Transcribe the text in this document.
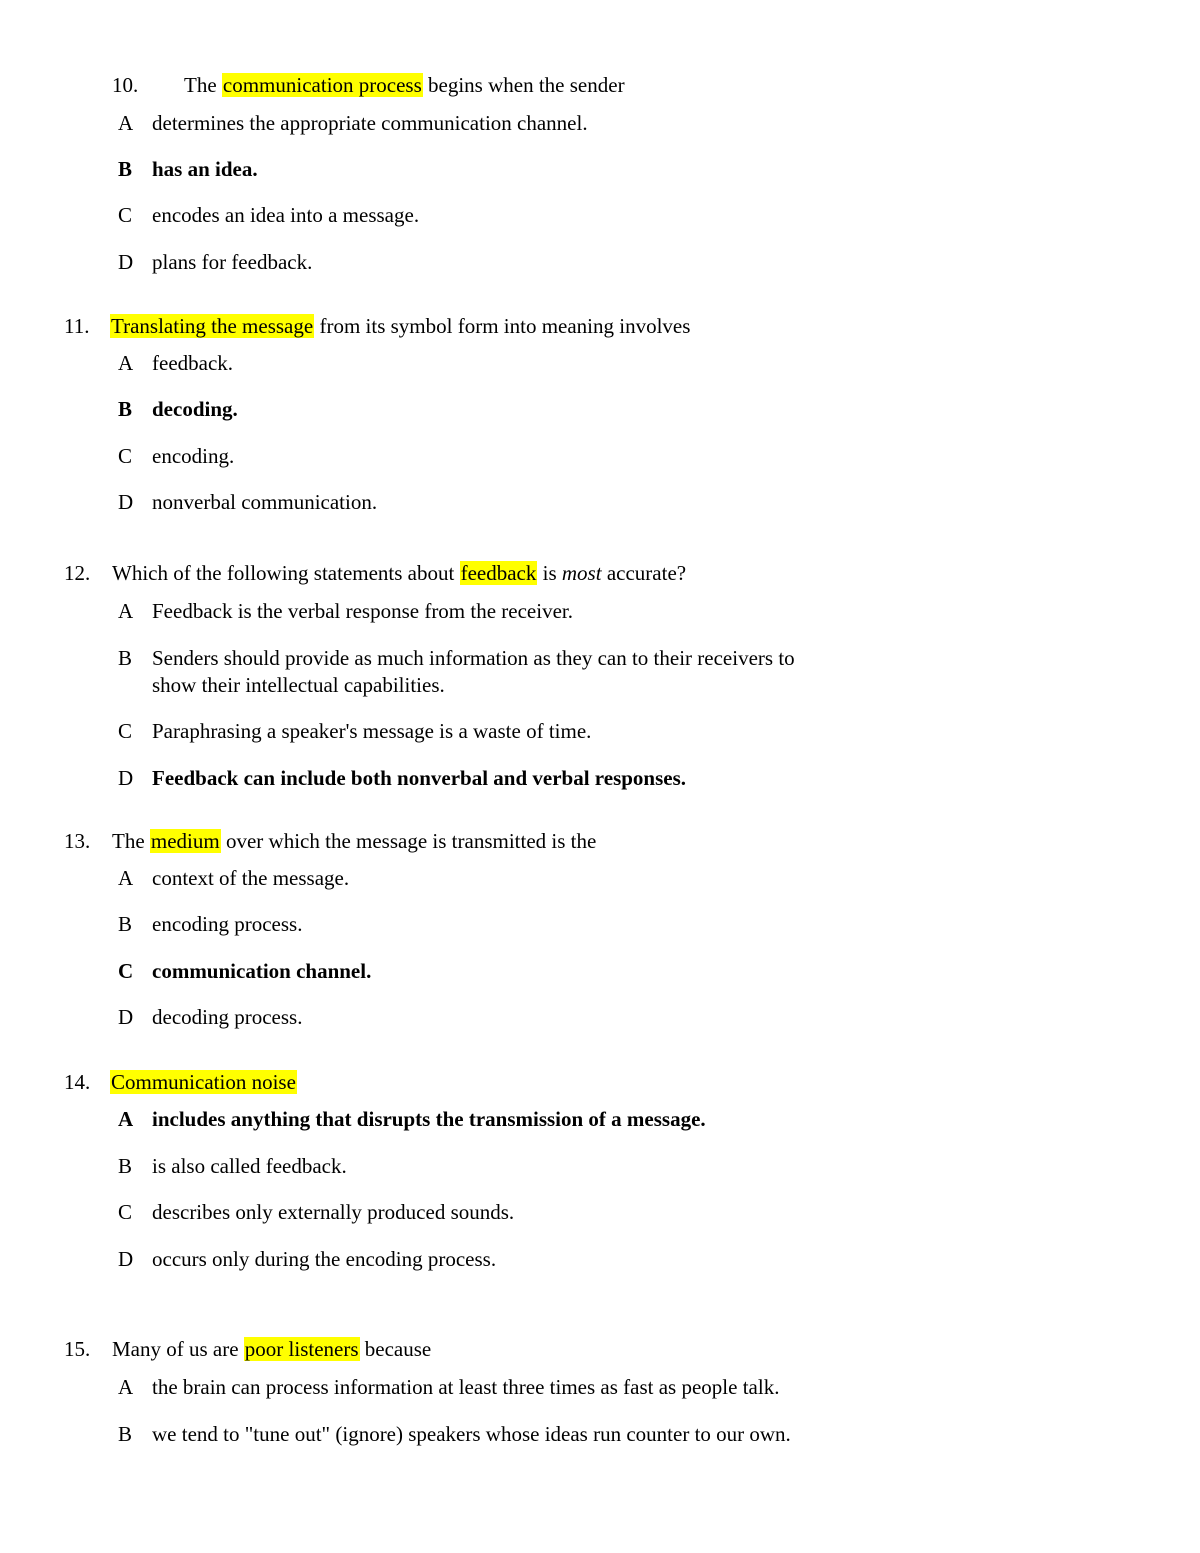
10. The communication process begins when the sender
A determines the appropriate communication channel.
B has an idea.
C encodes an idea into a message.
D plans for feedback.
11. Translating the message from its symbol form into meaning involves
A feedback.
B decoding.
C encoding.
D nonverbal communication.
12. Which of the following statements about feedback is most accurate?
A Feedback is the verbal response from the receiver.
B Senders should provide as much information as they can to their receivers to
show their intellectual capabilities.
C Paraphrasing a speaker's message is a waste of time.
D Feedback can include both nonverbal and verbal responses.
13. The medium over which the message is transmitted is the
A context of the message.
B encoding process.
C communication channel.
D decoding process.
14. Communication noise
A includes anything that disrupts the transmission of a message.
B is also called feedback.
C describes only externally produced sounds.
D occurs only during the encoding process.
15. Many of us are poor listeners because
A the brain can process information at least three times as fast as people talk.
B we tend to "tune out" (ignore) speakers whose ideas run counter to our own.
